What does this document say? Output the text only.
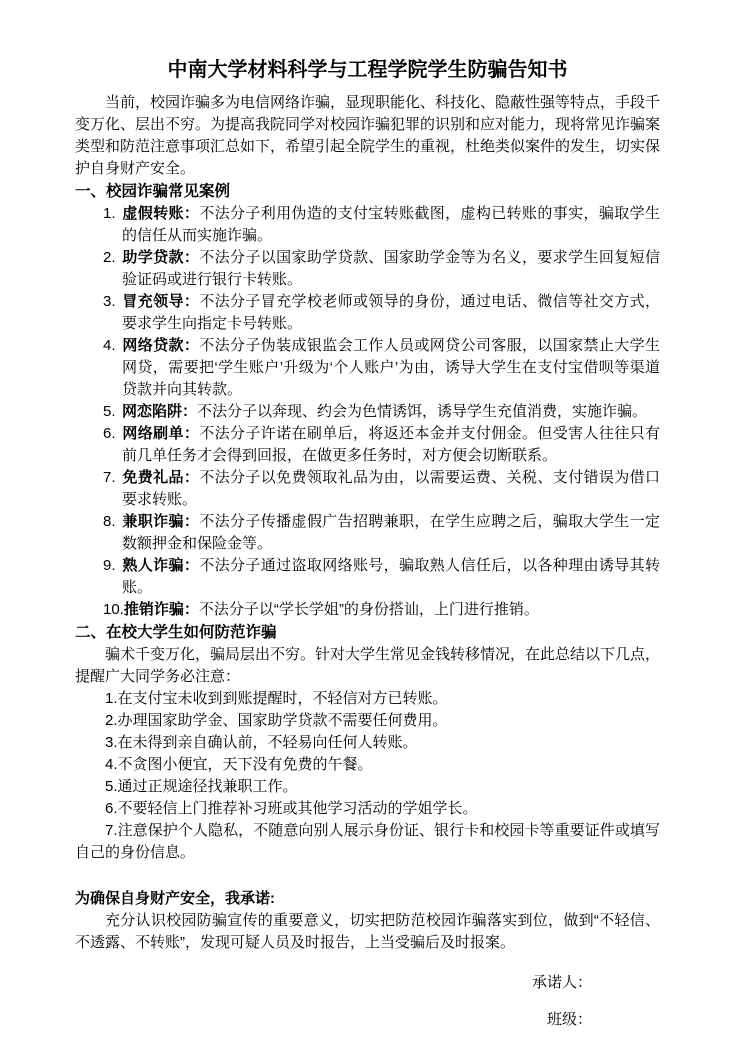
中南大学材料科学与工程学院学生防骗告知书

当前，校园诈骗多为电信网络诈骗，显现职能化、科技化、隐蔽性强等特点，手段千变万化、层出不穷。为提高我院同学对校园诈骗犯罪的识别和应对能力，现将常见诈骗案类型和防范注意事项汇总如下，希望引起全院学生的重视，杜绝类似案件的发生，切实保护自身财产安全。

一、校园诈骗常见案例
1. 虚假转账：不法分子利用伪造的支付宝转账截图，虚构已转账的事实，骗取学生的信任从而实施诈骗。
2. 助学贷款：不法分子以国家助学贷款、国家助学金等为名义，要求学生回复短信验证码或进行银行卡转账。
3. 冒充领导：不法分子冒充学校老师或领导的身份，通过电话、微信等社交方式，要求学生向指定卡号转账。
4. 网络贷款：不法分子伪装成银监会工作人员或网贷公司客服，以国家禁止大学生网贷，需要把‘学生账户’升级为‘个人账户’为由，诱导大学生在支付宝借呗等渠道贷款并向其转款。
5. 网恋陷阱：不法分子以奔现、约会为色情诱饵，诱导学生充值消费，实施诈骗。
6. 网络刷单：不法分子许诺在刷单后，将返还本金并支付佣金。但受害人往往只有前几单任务才会得到回报，在做更多任务时，对方便会切断联系。
7. 免费礼品：不法分子以免费领取礼品为由，以需要运费、关税、支付错误为借口要求转账。
8. 兼职诈骗：不法分子传播虚假广告招聘兼职，在学生应聘之后，骗取大学生一定数额押金和保险金等。
9. 熟人诈骗：不法分子通过盗取网络账号，骗取熟人信任后，以各种理由诱导其转账。
10.推销诈骗：不法分子以“学长学姐”的身份搭讪，上门进行推销。
二、在校大学生如何防范诈骗

骗术千变万化，骗局层出不穷。针对大学生常见金钱转移情况，在此总结以下几点，提醒广大同学务必注意：

1.在支付宝未收到到账提醒时，不轻信对方已转账。

2.办理国家助学金、国家助学贷款不需要任何费用。

3.在未得到亲自确认前，不轻易向任何人转账。

4.不贪图小便宜，天下没有免费的午餐。

5.通过正规途径找兼职工作。

6.不要轻信上门推荐补习班或其他学习活动的学姐学长。

7.注意保护个人隐私，不随意向别人展示身份证、银行卡和校园卡等重要证件或填写自己的身份信息。

为确保自身财产安全，我承诺:

充分认识校园防骗宣传的重要意义，切实把防范校园诈骗落实到位，做到“不轻信、不透露、不转账”，发现可疑人员及时报告，上当受骗后及时报案。

承诺人：

班级：
